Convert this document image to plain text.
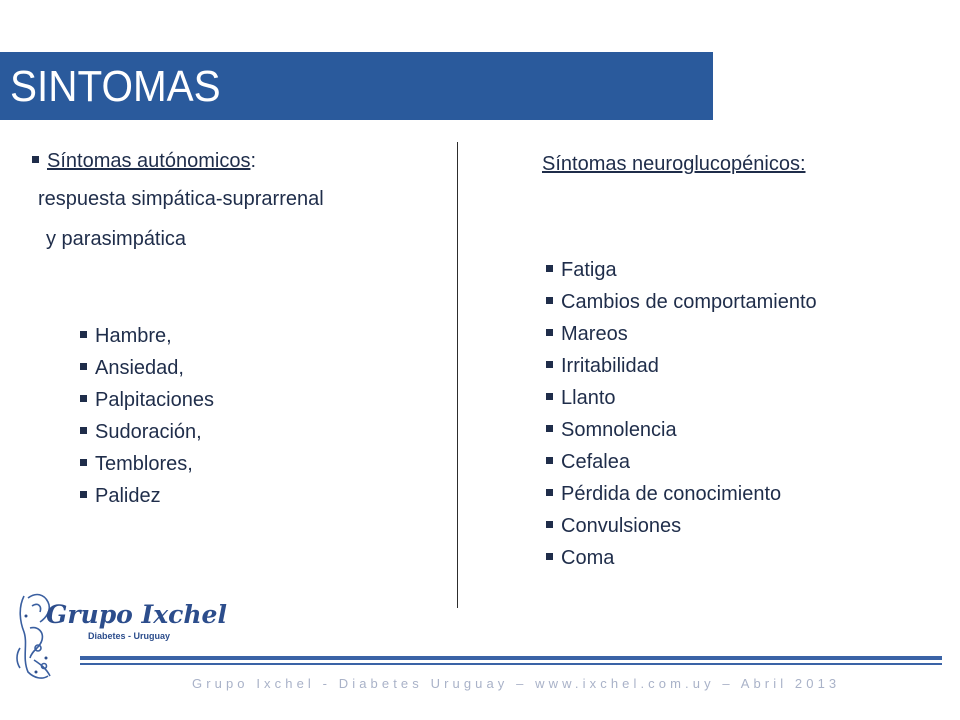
SINTOMAS
Síntomas autónomicos:
respuesta simpática-suprarrenal
y parasimpática
Hambre,
Ansiedad,
Palpitaciones
Sudoración,
Temblores,
Palidez
Síntomas neuroglucopénicos:
Fatiga
Cambios de comportamiento
Mareos
Irritabilidad
Llanto
Somnolencia
Cefalea
Pérdida de conocimiento
Convulsiones
Coma
Grupo Ixchel
Diabetes - Uruguay
Grupo Ixchel - Diabetes Uruguay – www.ixchel.com.uy – Abril 2013
